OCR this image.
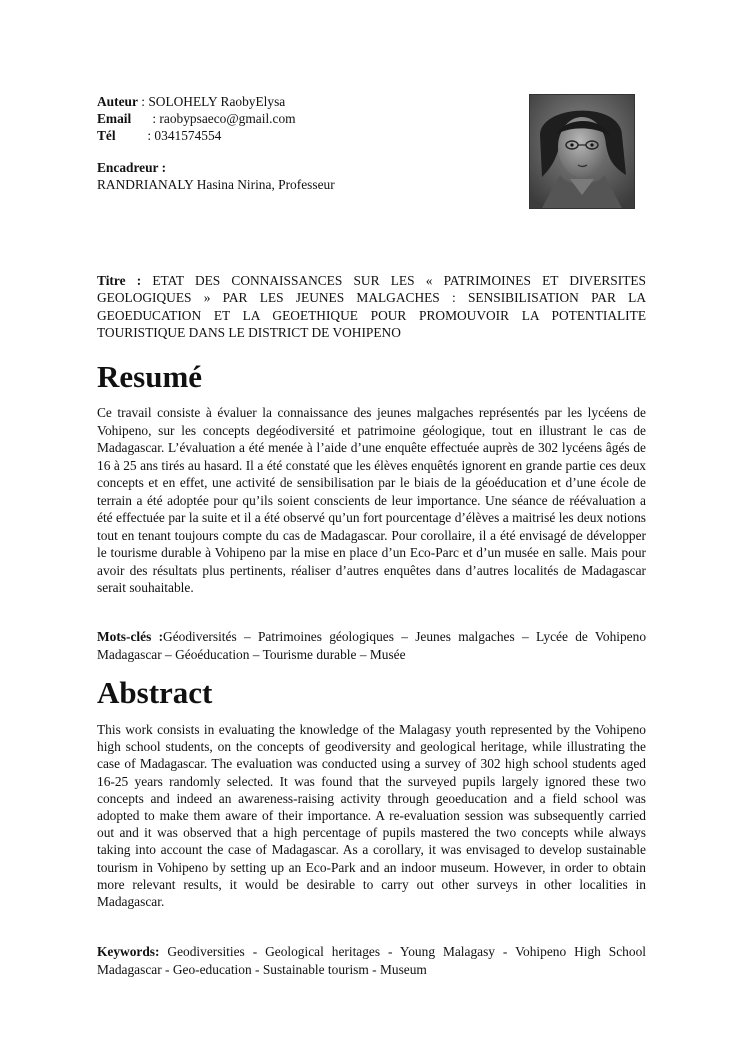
Auteur : SOLOHELY RaobyElysa
Email : raobypsaeco@gmail.com
Tél : 0341574554
Encadreur :
RANDRIANALY Hasina Nirina, Professeur
Titre : ETAT DES CONNAISSANCES SUR LES « PATRIMOINES ET DIVERSITES GEOLOGIQUES » PAR LES JEUNES MALGACHES : SENSIBILISATION PAR LA GEOEDUCATION ET LA GEOETHIQUE POUR PROMOUVOIR LA POTENTIALITE TOURISTIQUE DANS LE DISTRICT DE VOHIPENO
Resumé

Ce travail consiste à évaluer la connaissance des jeunes malgaches représentés par les lycéens de Vohipeno, sur les concepts degéodiversité et patrimoine géologique, tout en illustrant le cas de Madagascar. L’évaluation a été menée à l’aide d’une enquête effectuée auprès de 302 lycéens âgés de 16 à 25 ans tirés au hasard. Il a été constaté que les élèves enquêtés ignorent en grande partie ces deux concepts et en effet, une activité de sensibilisation par le biais de la géoéducation et d’une école de terrain a été adoptée pour qu’ils soient conscients de leur importance. Une séance de réévaluation a été effectuée par la suite et il a été observé qu’un fort pourcentage d’élèves a maitrisé les deux notions tout en tenant toujours compte du cas de Madagascar. Pour corollaire, il a été envisagé de développer le tourisme durable à Vohipeno par la mise en place d’un Eco-Parc et d’un musée en salle. Mais pour avoir des résultats plus pertinents, réaliser d’autres enquêtes dans d’autres localités de Madagascar serait souhaitable.

Mots-clés :Géodiversités – Patrimoines géologiques – Jeunes malgaches – Lycée de Vohipeno Madagascar – Géoéducation – Tourisme durable – Musée

Abstract

This work consists in evaluating the knowledge of the Malagasy youth represented by the Vohipeno high school students, on the concepts of geodiversity and geological heritage, while illustrating the case of Madagascar. The evaluation was conducted using a survey of 302 high school students aged 16-25 years randomly selected. It was found that the surveyed pupils largely ignored these two concepts and indeed an awareness-raising activity through geoeducation and a field school was adopted to make them aware of their importance. A re-evaluation session was subsequently carried out and it was observed that a high percentage of pupils mastered the two concepts while always taking into account the case of Madagascar. As a corollary, it was envisaged to develop sustainable tourism in Vohipeno by setting up an Eco-Park and an indoor museum. However, in order to obtain more relevant results, it would be desirable to carry out other surveys in other localities in Madagascar.

Keywords: Geodiversities - Geological heritages - Young Malagasy - Vohipeno High School Madagascar - Geo-education - Sustainable tourism - Museum
